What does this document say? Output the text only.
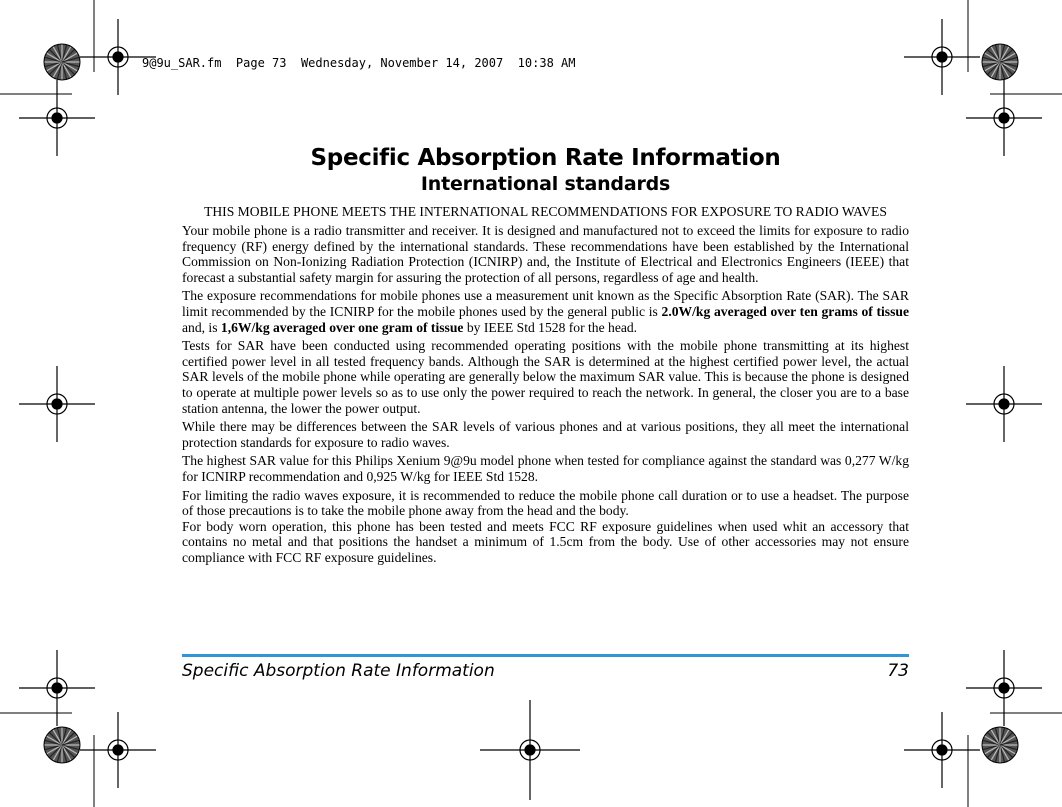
9@9u_SAR.fm  Page 73  Wednesday, November 14, 2007  10:38 AM
Specific Absorption Rate Information
International standards

THIS MOBILE PHONE MEETS THE INTERNATIONAL RECOMMENDATIONS FOR EXPOSURE TO RADIO WAVES

Your mobile phone is a radio transmitter and receiver. It is designed and manufactured not to exceed the limits for exposure to radio frequency (RF) energy defined by the international standards. These recommendations have been established by the International Commission on Non-Ionizing Radiation Protection (ICNIRP) and, the Institute of Electrical and Electronics Engineers (IEEE) that forecast a substantial safety margin for assuring the protection of all persons, regardless of age and health.

The exposure recommendations for mobile phones use a measurement unit known as the Specific Absorption Rate (SAR). The SAR limit recommended by the ICNIRP for the mobile phones used by the general public is 2.0W/kg averaged over ten grams of tissue and, is 1,6W/kg averaged over one gram of tissue by IEEE Std 1528 for the head.

Tests for SAR have been conducted using recommended operating positions with the mobile phone transmitting at its highest certified power level in all tested frequency bands. Although the SAR is determined at the highest certified power level, the actual SAR levels of the mobile phone while operating are generally below the maximum SAR value. This is because the phone is designed to operate at multiple power levels so as to use only the power required to reach the network. In general, the closer you are to a base station antenna, the lower the power output.

While there may be differences between the SAR levels of various phones and at various positions, they all meet the international protection standards for exposure to radio waves.

The highest SAR value for this Philips Xenium 9@9u model phone when tested for compliance against the standard was 0,277 W/kg for ICNIRP recommendation and 0,925 W/kg for IEEE Std 1528.

For limiting the radio waves exposure, it is recommended to reduce the mobile phone call duration or to use a headset. The purpose of those precautions is to take the mobile phone away from the head and the body.

For body worn operation, this phone has been tested and meets FCC RF exposure guidelines when used whit an accessory that contains no metal and that positions the handset a minimum of 1.5cm from the body. Use of other accessories may not ensure compliance with FCC RF exposure guidelines.

Specific Absorption Rate Information	73
